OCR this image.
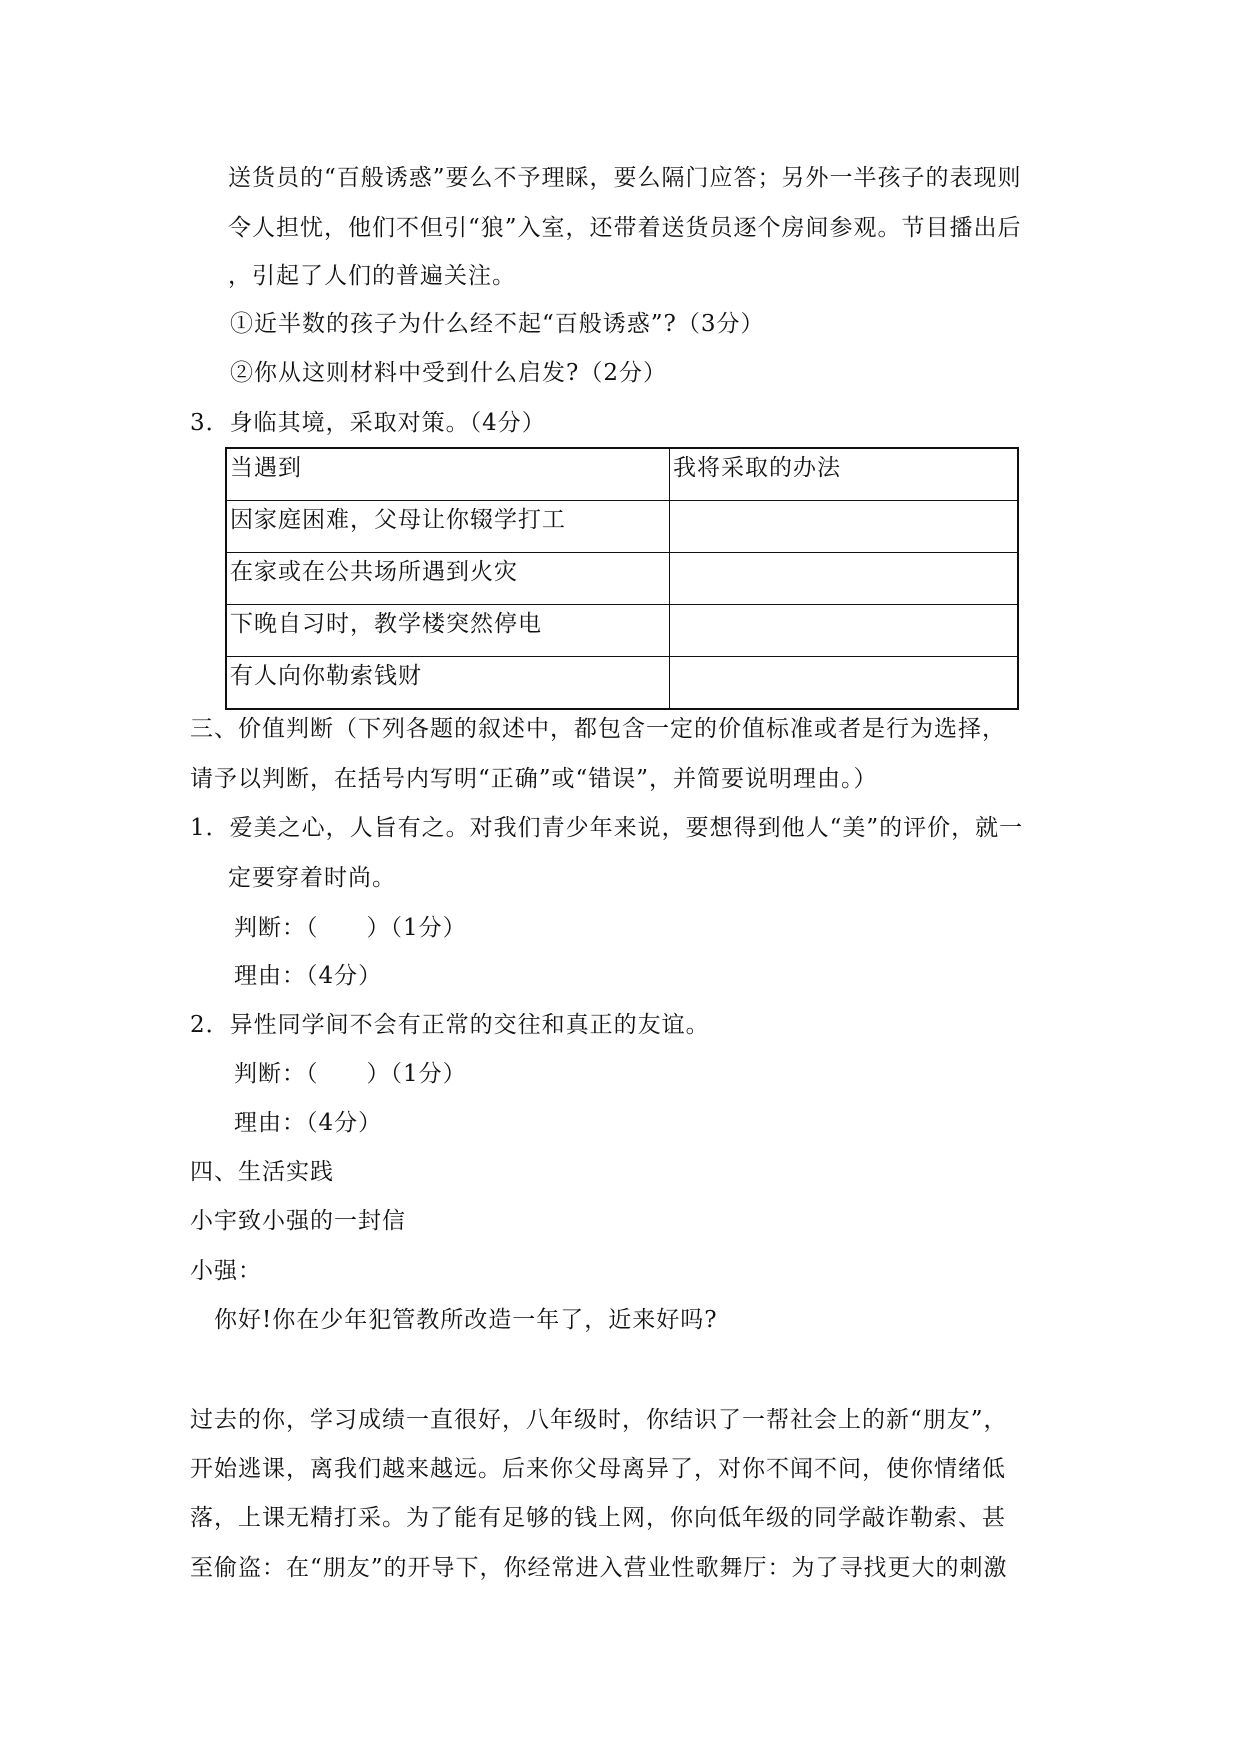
送货员的“百般诱惑”要么不予理睬，要么隔门应答；另外一半孩子的表现则
令人担忧，他们不但引“狼”入室，还带着送货员逐个房间参观。节目播出后
，引起了人们的普遍关注。
①近半数的孩子为什么经不起“百般诱惑”?（3分）
②你从这则材料中受到什么启发?（2分）
3．身临其境，采取对策。（4分）
当遇到	我将采取的办法
因家庭困难，父母让你辍学打工	
在家或在公共场所遇到火灾	
下晚自习时，教学楼突然停电	
有人向你勒索钱财	
三、价值判断（下列各题的叙述中，都包含一定的价值标准或者是行为选择，
请予以判断，在括号内写明“正确”或“错误”，并简要说明理由。）
1．爱美之心，人旨有之。对我们青少年来说，要想得到他人“美”的评价，就一
定要穿着时尚。
判断：（　　）（1分）
理由：（4分）
2．异性同学间不会有正常的交往和真正的友谊。
判断：（　　）（1分）
理由：（4分）
四、生活实践
小宇致小强的一封信
小强：
你好!你在少年犯管教所改造一年了，近来好吗?
过去的你，学习成绩一直很好，八年级时，你结识了一帮社会上的新“朋友”，
开始逃课，离我们越来越远。后来你父母离异了，对你不闻不问，使你情绪低
落，上课无精打采。为了能有足够的钱上网，你向低年级的同学敲诈勒索、甚
至偷盗：在“朋友”的开导下，你经常进入营业性歌舞厅：为了寻找更大的刺激
